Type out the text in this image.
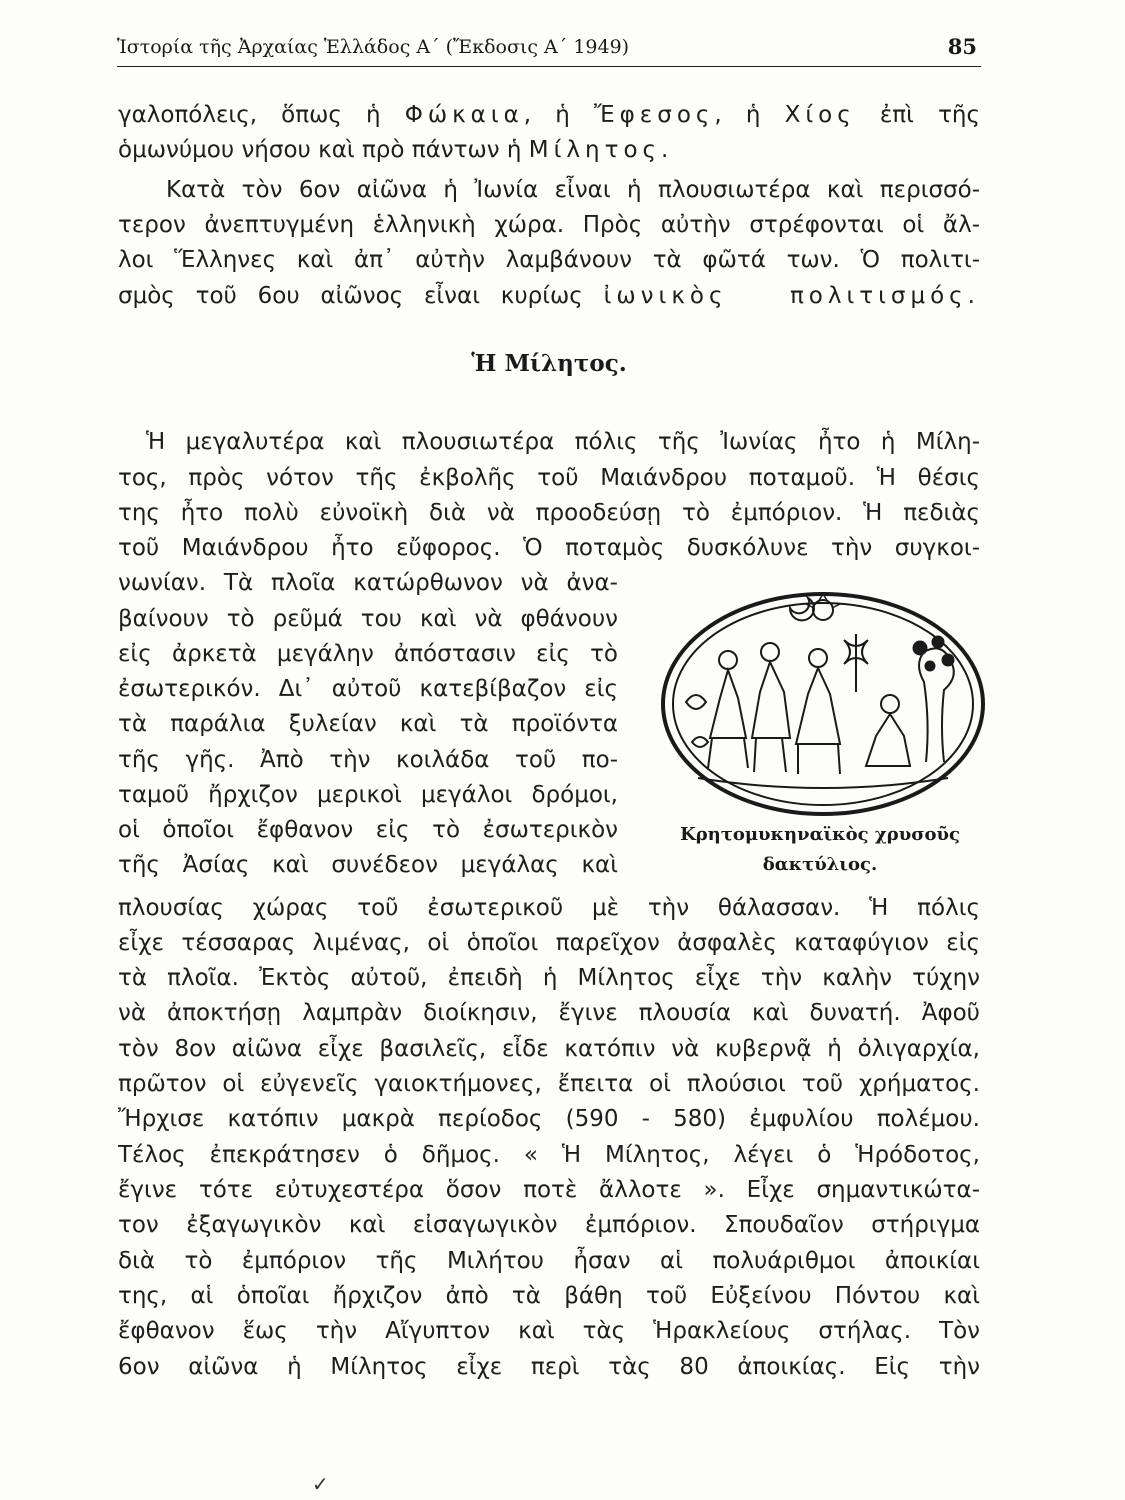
Ἱστορία τῆς Ἀρχαίας Ἑλλάδος Α΄ (Ἔκδοσις Α΄ 1949)	85
γαλοπόλεις, ὅπως ἡ Φώκαια, ἡ Ἔφεσος, ἡ Χίος ἐπὶ τῆς
ὁμωνύμου νήσου καὶ πρὸ πάντων ἡ Μίλητος.
Κατὰ τὸν 6ον αἰῶνα ἡ Ἰωνία εἶναι ἡ πλουσιωτέρα καὶ περισσό-
τερον ἀνεπτυγμένη ἑλληνικὴ χώρα. Πρὸς αὐτὴν στρέφονται οἱ ἄλ-
λοι Ἕλληνες καὶ ἀπ᾽ αὐτὴν λαμβάνουν τὰ φῶτά των. Ὁ πολιτι-
σμὸς τοῦ 6ου αἰῶνος εἶναι κυρίως ἰωνικὸς	πολιτισμός.
Ἡ Μίλητος.
Ἡ μεγαλυτέρα καὶ πλουσιωτέρα πόλις τῆς Ἰωνίας ἦτο ἡ Μίλη-
τος, πρὸς νότον τῆς ἐκβολῆς τοῦ Μαιάνδρου ποταμοῦ. Ἡ θέσις
της ἦτο πολὺ εὐνοϊκὴ διὰ νὰ προοδεύσῃ τὸ ἐμπόριον. Ἡ πεδιὰς
τοῦ Μαιάνδρου ἦτο εὔφορος. Ὁ ποταμὸς δυσκόλυνε τὴν συγκοι-
νωνίαν. Τὰ πλοῖα κατώρθωνον νὰ ἀνα-
βαίνουν τὸ ρεῦμά του καὶ νὰ φθάνουν
εἰς ἀρκετὰ μεγάλην ἀπόστασιν εἰς τὸ
ἐσωτερικόν. Δι᾽ αὐτοῦ κατεβίβαζον εἰς
τὰ παράλια ξυλείαν καὶ τὰ προϊόντα
τῆς γῆς. Ἀπὸ τὴν κοιλάδα τοῦ πο-
ταμοῦ ἤρχιζον μερικοὶ μεγάλοι δρόμοι,
οἱ ὁποῖοι ἔφθανον εἰς τὸ ἐσωτερικὸν
τῆς Ἀσίας καὶ συνέδεον μεγάλας καὶ
Κρητομυκηναϊκὸς χρυσοῦς
δακτύλιος.
πλουσίας χώρας τοῦ ἐσωτερικοῦ μὲ τὴν θάλασσαν. Ἡ πόλις
εἶχε τέσσαρας λιμένας, οἱ ὁποῖοι παρεῖχον ἀσφαλὲς καταφύγιον εἰς
τὰ πλοῖα. Ἐκτὸς αὐτοῦ, ἐπειδὴ ἡ Μίλητος εἶχε τὴν καλὴν τύχην
νὰ ἀποκτήσῃ λαμπρὰν διοίκησιν, ἔγινε πλουσία καὶ δυνατή. Ἀφοῦ
τὸν 8ον αἰῶνα εἶχε βασιλεῖς, εἶδε κατόπιν νὰ κυβερνᾷ ἡ ὀλιγαρχία,
πρῶτον οἱ εὐγενεῖς γαιοκτήμονες, ἔπειτα οἱ πλούσιοι τοῦ χρήματος.
Ἤρχισε κατόπιν μακρὰ περίοδος (590 - 580) ἐμφυλίου πολέμου.
Τέλος ἐπεκράτησεν ὁ δῆμος. « Ἡ Μίλητος, λέγει ὁ Ἡρόδοτος,
ἔγινε τότε εὐτυχεστέρα ὅσον ποτὲ ἄλλοτε ». Εἶχε σημαντικώτα-
τον ἐξαγωγικὸν καὶ εἰσαγωγικὸν ἐμπόριον. Σπουδαῖον στήριγμα
διὰ τὸ ἐμπόριον τῆς Μιλήτου ἦσαν αἱ πολυάριθμοι ἀποικίαι
της, αἱ ὁποῖαι ἤρχιζον ἀπὸ τὰ βάθη τοῦ Εὐξείνου Πόντου καὶ
ἔφθανον ἕως τὴν Αἴγυπτον καὶ τὰς Ἡρακλείους στήλας. Τὸν
6ον αἰῶνα ἡ Μίλητος εἶχε περὶ τὰς 80 ἀποικίας. Εἰς τὴν
✓
